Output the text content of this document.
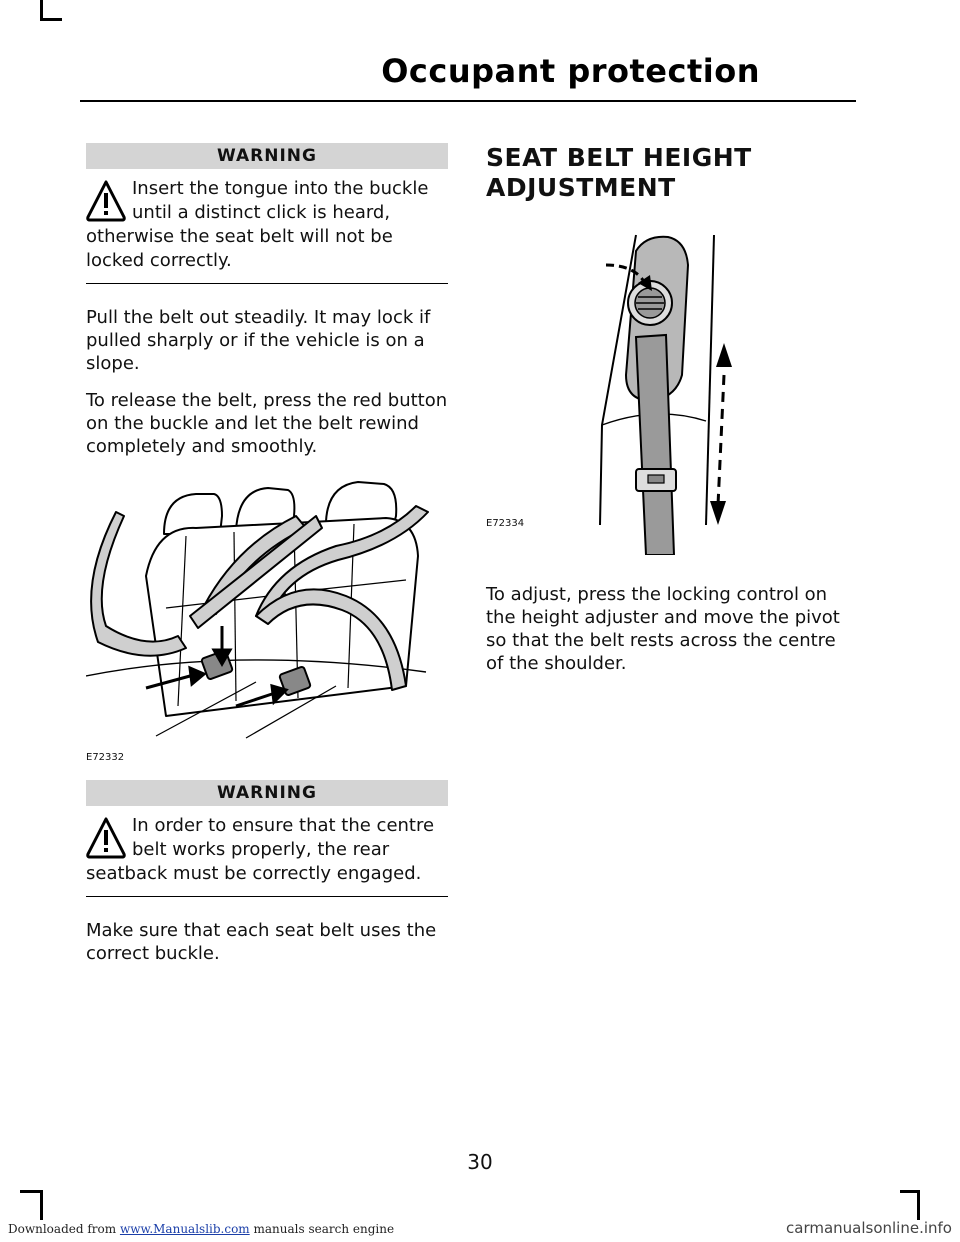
Occupant protection
WARNING
Insert the tongue into the buckle until a distinct click is heard, otherwise the seat belt will not be locked correctly.

Pull the belt out steadily. It may lock if pulled sharply or if the vehicle is on a slope.

To release the belt, press the red button on the buckle and let the belt rewind completely and smoothly.

E72332
WARNING
In order to ensure that the centre belt works properly, the rear seatback must be correctly engaged.

Make sure that each seat belt uses the correct buckle.

SEAT BELT HEIGHT
ADJUSTMENT
E72334

To adjust, press the locking control on the height adjuster and move the pivot so that the belt rests across the centre of the shoulder.

30
Downloaded from www.Manualslib.com manuals search engine	carmanualsonline.info
